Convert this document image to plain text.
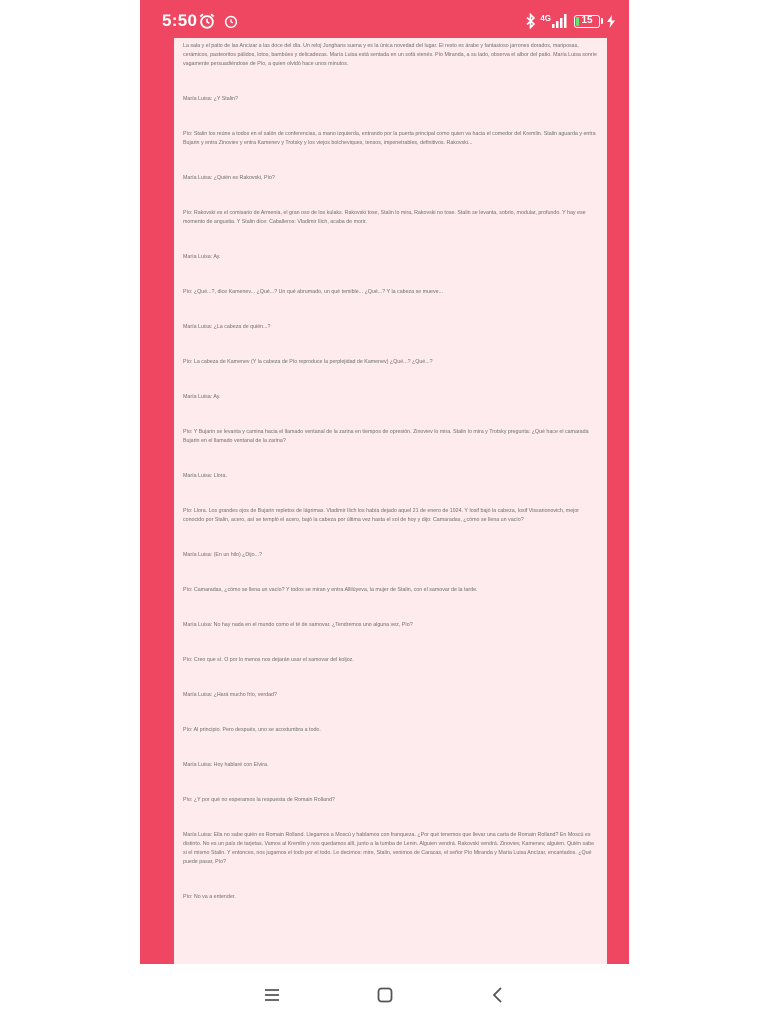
5:50	4G	15

La sala y el patio de las Ancizar a las doce del día. Un reloj Junghans suena y es la única novedad del lugar. El resto es árabe y fantasioso jarrones dorados, mariposas, cerámicos, pasteoritos pálidos, lotos, bambúes y delicadezas. María Luisa está sentada en un sofá vienés. Pío Miranda, a su lado, observa el albor del patio. María Luisa sonríe vagamente persuadiéndose de Pío, a quien olvidó hace unos minutos.

María Luisa: ¿Y Stalin?

Pío: Stalin los reúne a todos en el salón de conferencias, a mano izquierda, entrando por la puerta principal como quien va hacia el comedor del Kremlin. Stalin aguarda y entra Bujarin y entra Zinoviev y entra Kamenev y Trotsky y los viejos bolcheviques, tensos, impenetrables, definitivos. Rakovski...

María Luisa: ¿Quién es Rakovski, Pío?

Pío: Rakovski es el comisario de Armenia, el gran oso de los kulaks. Rakovski tose, Stalin lo mira, Rakovski no tose. Stalin se levanta, sobrio, modular, profundo. Y hay ese momento de angustia. Y Stalin dice: Caballeros: Vladimir Ilich, acaba de morir.

María Luisa: Ay.

Pío: ¿Qué...?, dice Kamenev... ¿Qué...? Un qué abrumado, un qué temible... ¿Qué...? Y la cabeza se mueve...

María Luisa: ¿La cabeza de quién...?

Pío: La cabeza de Kamenev (Y la cabeza de Pío reproduce la perplejidad de Kamenev) ¿Qué...? ¿Qué...?

María Luisa: Ay.

Pío: Y Bujarin se levanta y camina hacia el llamado ventanal de la zarina en tiempos de opresión. Zinoviev lo mira. Stalin lo mira y Trotsky pregunta: ¿Qué hace el camarada Bujarin en el llamado ventanal de la zarina?

María Luisa: Llora.

Pío: Llora. Los grandes ojos de Bujarin repletos de lágrimas. Vladimir Ilich los había dejado aquel 21 de enero de 1924. Y Iosif bajó la cabeza, Iosif Vissarionovich, mejor conocido por Stalin, acero, así se templó el acero, bajó la cabeza por última vez hasta el sol de hoy y dijo: Camaradas, ¿cómo se llena un vacío?

María Luisa: (En un hilo) ¿Dijo...?

Pío: Camaradas, ¿cómo se llena un vacío? Y todos se miran y entra Allilúyeva, la mujer de Stalin, con el samovar de la tarde.

María Luisa: No hay nada en el mundo como el té de samovar. ¿Tendremos uno alguna vez, Pío?

Pío: Creo que sí. O por lo menos nos dejarán usar el samovar del koljoz.

María Luisa: ¿Hará mucho frío, verdad?

Pío: Al principio. Pero después, uno se acostumbra a todo.

María Luisa: Hoy hablaré con Elvira.

Pío: ¿Y por qué no esperamos la respuesta de Romain Rolland?

María Luisa: Ella no sabe quién es Romain Rolland. Llegamos a Moscú y hablamos con franqueza. ¿Por qué tenemos que llevar una carta de Romain Rolland? En Moscú es distinto. No es un país de tarjetas. Vamos al Kremlin y nos quedamos allí, junto a la tumba de Lenin. Alguien vendrá. Rakovski vendrá. Zinoviev, Kamenev, alguien. Quién sabe si el mismo Stalin. Y entonces, nos jugamos el todo por el todo. Le decimos: mire, Stalin, venimos de Caracas, el señor Pío Miranda y María Luisa Ancízar, encantados. ¿Qué puede pasar, Pío?

Pío: No va a entender.
